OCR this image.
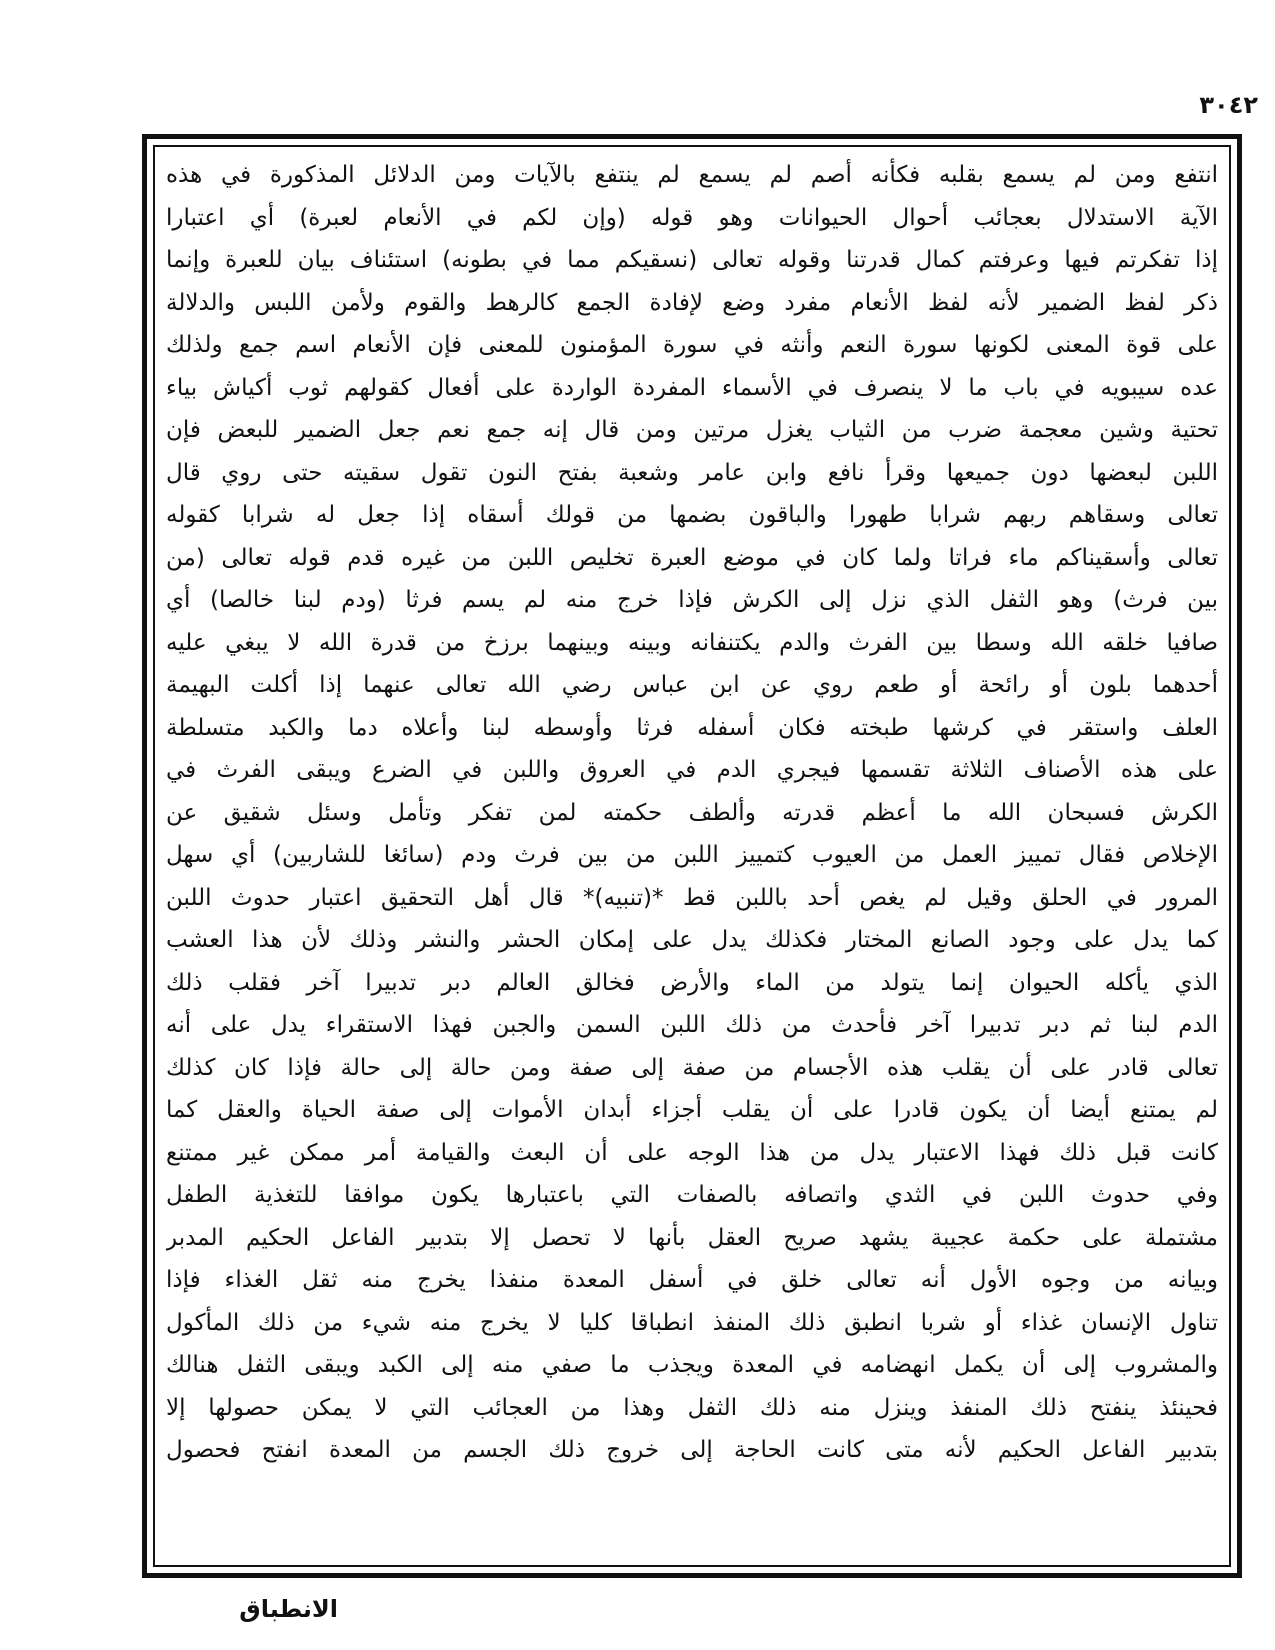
٣٠٤٢
انتفع ومن لم يسمع بقلبه فكأنه أصم لم يسمع لم ينتفع بالآيات ومن الدلائل المذكورة في هذه
الآية الاستدلال بعجائب أحوال الحيوانات وهو قوله (وإن لكم في الأنعام لعبرة) أي اعتبارا
إذا تفكرتم فيها وعرفتم كمال قدرتنا وقوله تعالى (نسقيكم مما في بطونه) استئناف بيان للعبرة وإنما
ذكر لفظ الضمير لأنه لفظ الأنعام مفرد وضع لإفادة الجمع كالرهط والقوم ولأمن اللبس والدلالة
على قوة المعنى لكونها سورة النعم وأنثه في سورة المؤمنون للمعنى فإن الأنعام اسم جمع ولذلك
عده سيبويه في باب ما لا ينصرف في الأسماء المفردة الواردة على أفعال كقولهم ثوب أكياش بياء
تحتية وشين معجمة ضرب من الثياب يغزل مرتين ومن قال إنه جمع نعم جعل الضمير للبعض فإن
اللبن لبعضها دون جميعها وقرأ نافع وابن عامر وشعبة بفتح النون تقول سقيته حتى روي قال
تعالى وسقاهم ربهم شرابا طهورا والباقون بضمها من قولك أسقاه إذا جعل له شرابا كقوله
تعالى وأسقيناكم ماء فراتا ولما كان في موضع العبرة تخليص اللبن من غيره قدم قوله تعالى (من
بين فرث) وهو الثفل الذي نزل إلى الكرش فإذا خرج منه لم يسم فرثا (ودم لبنا خالصا) أي
صافيا خلقه الله وسطا بين الفرث والدم يكتنفانه وبينه وبينهما برزخ من قدرة الله لا يبغي عليه
أحدهما بلون أو رائحة أو طعم روي عن ابن عباس رضي الله تعالى عنهما إذا أكلت البهيمة
العلف واستقر في كرشها طبخته فكان أسفله فرثا وأوسطه لبنا وأعلاه دما والكبد متسلطة
على هذه الأصناف الثلاثة تقسمها فيجري الدم في العروق واللبن في الضرع ويبقى الفرث في
الكرش فسبحان الله ما أعظم قدرته وألطف حكمته لمن تفكر وتأمل وسئل شقيق عن
الإخلاص فقال تمييز العمل من العيوب كتمييز اللبن من بين فرث ودم (سائغا للشاربين) أي سهل
المرور في الحلق وقيل لم يغص أحد باللبن قط *(تنبيه)* قال أهل التحقيق اعتبار حدوث اللبن
كما يدل على وجود الصانع المختار فكذلك يدل على إمكان الحشر والنشر وذلك لأن هذا العشب
الذي يأكله الحيوان إنما يتولد من الماء والأرض فخالق العالم دبر تدبيرا آخر فقلب ذلك
الدم لبنا ثم دبر تدبيرا آخر فأحدث من ذلك اللبن السمن والجبن فهذا الاستقراء يدل على أنه
تعالى قادر على أن يقلب هذه الأجسام من صفة إلى صفة ومن حالة إلى حالة فإذا كان كذلك
لم يمتنع أيضا أن يكون قادرا على أن يقلب أجزاء أبدان الأموات إلى صفة الحياة والعقل كما
كانت قبل ذلك فهذا الاعتبار يدل من هذا الوجه على أن البعث والقيامة أمر ممكن غير ممتنع
وفي حدوث اللبن في الثدي واتصافه بالصفات التي باعتبارها يكون موافقا للتغذية الطفل
مشتملة على حكمة عجيبة يشهد صريح العقل بأنها لا تحصل إلا بتدبير الفاعل الحكيم المدبر
وبيانه من وجوه الأول أنه تعالى خلق في أسفل المعدة منفذا يخرج منه ثقل الغذاء فإذا
تناول الإنسان غذاء أو شربا انطبق ذلك المنفذ انطباقا كليا لا يخرج منه شيء من ذلك المأكول
والمشروب إلى أن يكمل انهضامه في المعدة ويجذب ما صفي منه إلى الكبد ويبقى الثفل هنالك
فحينئذ ينفتح ذلك المنفذ وينزل منه ذلك الثفل وهذا من العجائب التي لا يمكن حصولها إلا
بتدبير الفاعل الحكيم لأنه متى كانت الحاجة إلى خروج ذلك الجسم من المعدة انفتح فحصول
الانطباق
